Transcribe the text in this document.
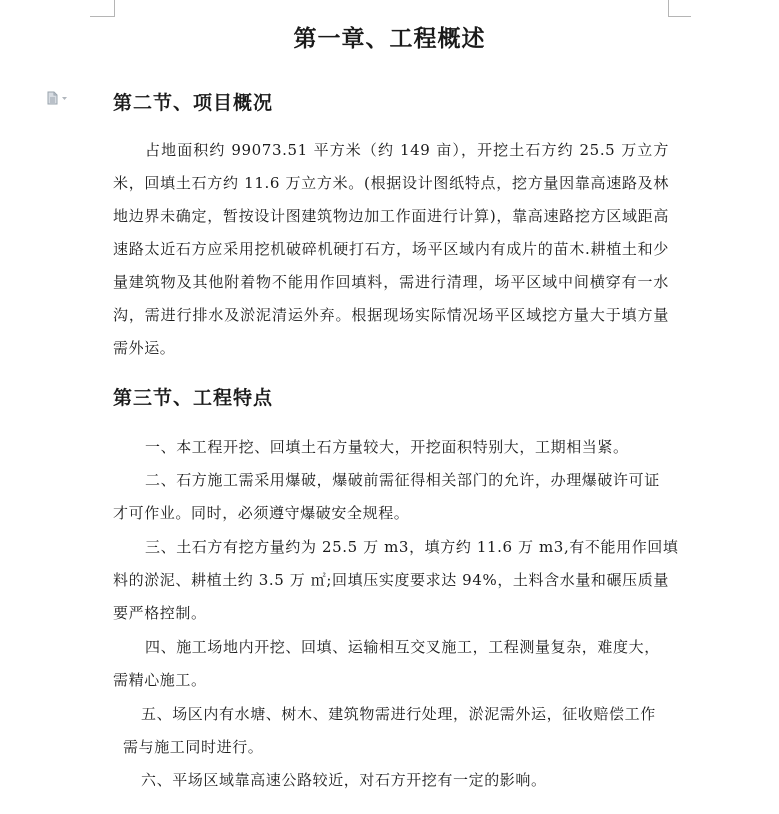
第一章、工程概述
第二节、项目概况

占地面积约 99073.51 平方米（约 149 亩），开挖土石方约 25.5 万立方米，回填土石方约 11.6 万立方米。(根据设计图纸特点，挖方量因靠高速路及林地边界未确定，暂按设计图建筑物边加工作面进行计算)，靠高速路挖方区域距高速路太近石方应采用挖机破碎机硬打石方，场平区域内有成片的苗木.耕植土和少量建筑物及其他附着物不能用作回填料，需进行清理，场平区域中间横穿有一水沟，需进行排水及淤泥清运外弃。根据现场实际情况场平区域挖方量大于填方量需外运。

第三节、工程特点

一、本工程开挖、回填土石方量较大，开挖面积特别大，工期相当紧。

二、石方施工需采用爆破，爆破前需征得相关部门的允许，办理爆破许可证

才可作业。同时，必须遵守爆破安全规程。

三、土石方有挖方量约为 25.5 万 m3，填方约 11.6 万 m3,有不能用作回填

料的淤泥、耕植土约 3.5 万 ㎡;回填压实度要求达 94%，土料含水量和碾压质量

要严格控制。

四、施工场地内开挖、回填、运输相互交叉施工，工程测量复杂，难度大，

需精心施工。

五、场区内有水塘、树木、建筑物需进行处理，淤泥需外运，征收赔偿工作

需与施工同时进行。

六、平场区域靠高速公路较近，对石方开挖有一定的影响。
